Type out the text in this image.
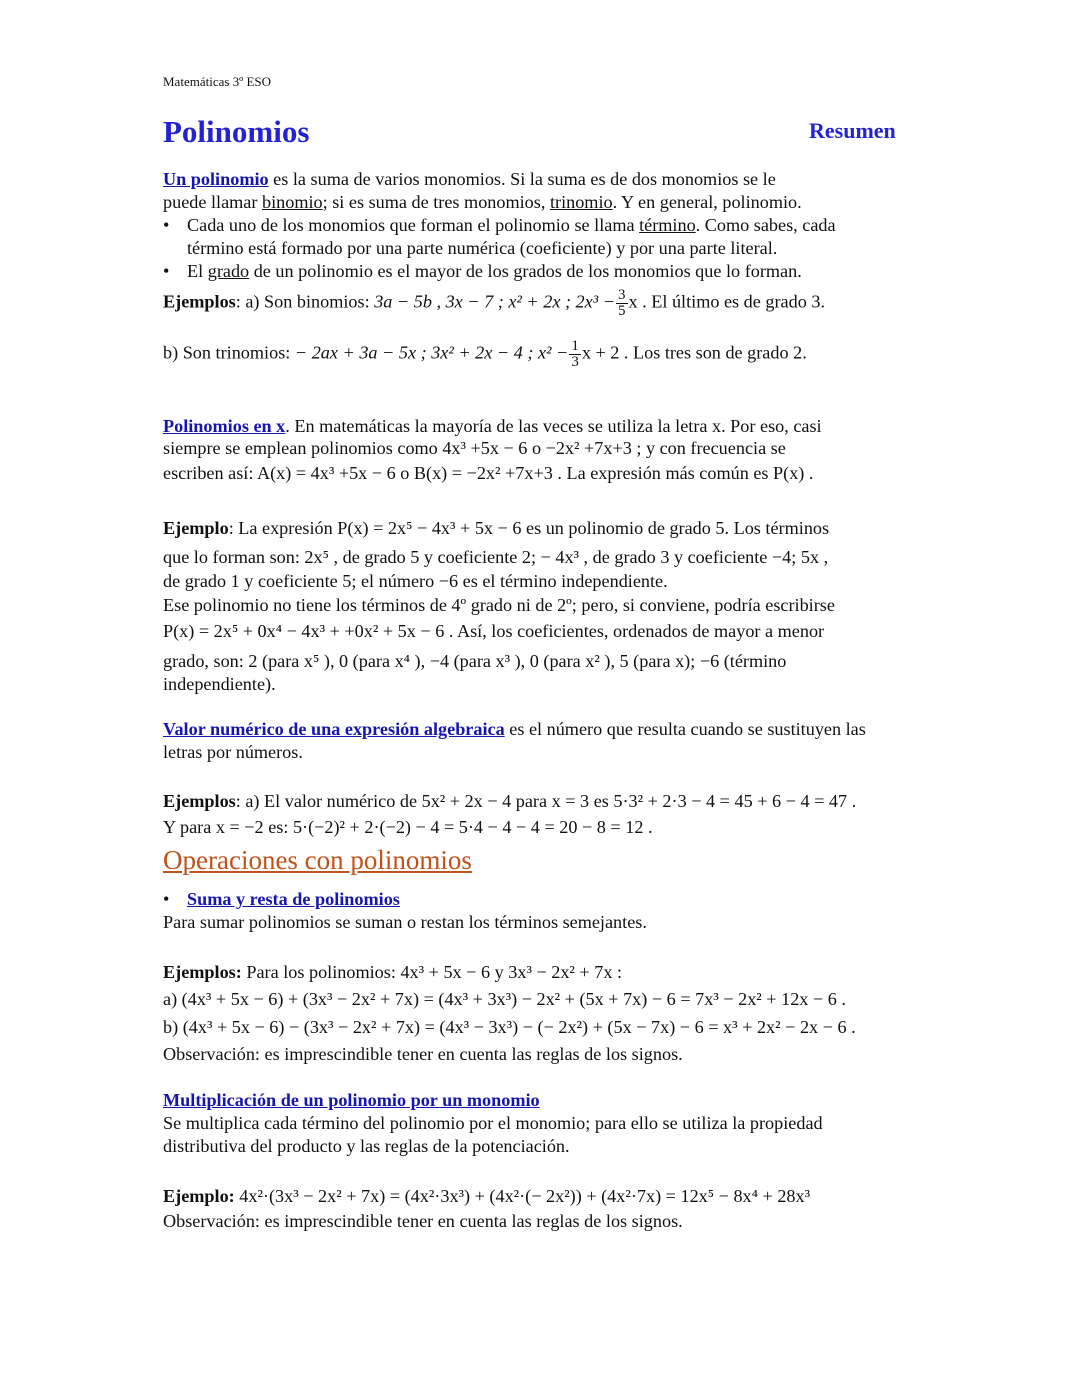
Matemáticas 3º ESO
Polinomios	Resumen
Un polinomio es la suma de varios monomios. Si la suma es de dos monomios se le
puede llamar binomio; si es suma de tres monomios, trinomio. Y en general, polinomio.
• Cada uno de los monomios que forman el polinomio se llama término. Como sabes, cada
término está formado por una parte numérica (coeficiente) y por una parte literal.
• El grado de un polinomio es el mayor de los grados de los monomios que lo forman.
Ejemplos: a) Son binomios: 3a − 5b , 3x − 7 ; x² + 2x ; $2x^3 - \frac{3}{5}$ x . El último es de grado 3.
b) Son trinomios: − 2ax + 3a − 5x ; 3x² + 2x − 4 ; $x^2 - \frac{1}{3}$ x + 2 . Los tres son de grado 2.
Polinomios en x. En matemáticas la mayoría de las veces se utiliza la letra x. Por eso, casi
siempre se emplean polinomios como 4x³ +5x − 6 o −2x² +7x+3 ; y con frecuencia se
escriben así: A(x) = 4x³ +5x − 6 o B(x) = −2x² +7x+3 . La expresión más común es P(x) .
Ejemplo: La expresión P(x) = 2x⁵ − 4x³ + 5x − 6 es un polinomio de grado 5. Los términos
que lo forman son: 2x⁵ , de grado 5 y coeficiente 2; − 4x³ , de grado 3 y coeficiente −4; 5x ,
de grado 1 y coeficiente 5; el número −6 es el término independiente.
Ese polinomio no tiene los términos de 4º grado ni de 2º; pero, si conviene, podría escribirse
P(x) = 2x⁵ + 0x⁴ − 4x³ + +0x² + 5x − 6 . Así, los coeficientes, ordenados de mayor a menor
grado, son: 2 (para x⁵ ), 0 (para x⁴ ), −4 (para x³ ), 0 (para x² ), 5 (para x); −6 (término
independiente).
Valor numérico de una expresión algebraica es el número que resulta cuando se sustituyen las
letras por números.
Ejemplos: a) El valor numérico de 5x² + 2x − 4 para x = 3 es 5·3² + 2·3 − 4 = 45 + 6 − 4 = 47 .
Y para x = −2 es: 5·(−2)² + 2·(−2) − 4 = 5·4 − 4 − 4 = 20 − 8 = 12 .
Operaciones con polinomios
• Suma y resta de polinomios
Para sumar polinomios se suman o restan los términos semejantes.
Ejemplos: Para los polinomios: 4x³ + 5x − 6 y 3x³ − 2x² + 7x :
a) (4x³ + 5x − 6) + (3x³ − 2x² + 7x) = (4x³ + 3x³) − 2x² + (5x + 7x) − 6 = 7x³ − 2x² + 12x − 6 .
b) (4x³ + 5x − 6) − (3x³ − 2x² + 7x) = (4x³ − 3x³) − (− 2x²) + (5x − 7x) − 6 = x³ + 2x² − 2x − 6 .
Observación: es imprescindible tener en cuenta las reglas de los signos.
Multiplicación de un polinomio por un monomio
Se multiplica cada término del polinomio por el monomio; para ello se utiliza la propiedad
distributiva del producto y las reglas de la potenciación.
Ejemplo: 4x²·(3x³ − 2x² + 7x) = (4x²·3x³) + (4x²·(− 2x²)) + (4x²·7x) = 12x⁵ − 8x⁴ + 28x³
Observación: es imprescindible tener en cuenta las reglas de los signos.
